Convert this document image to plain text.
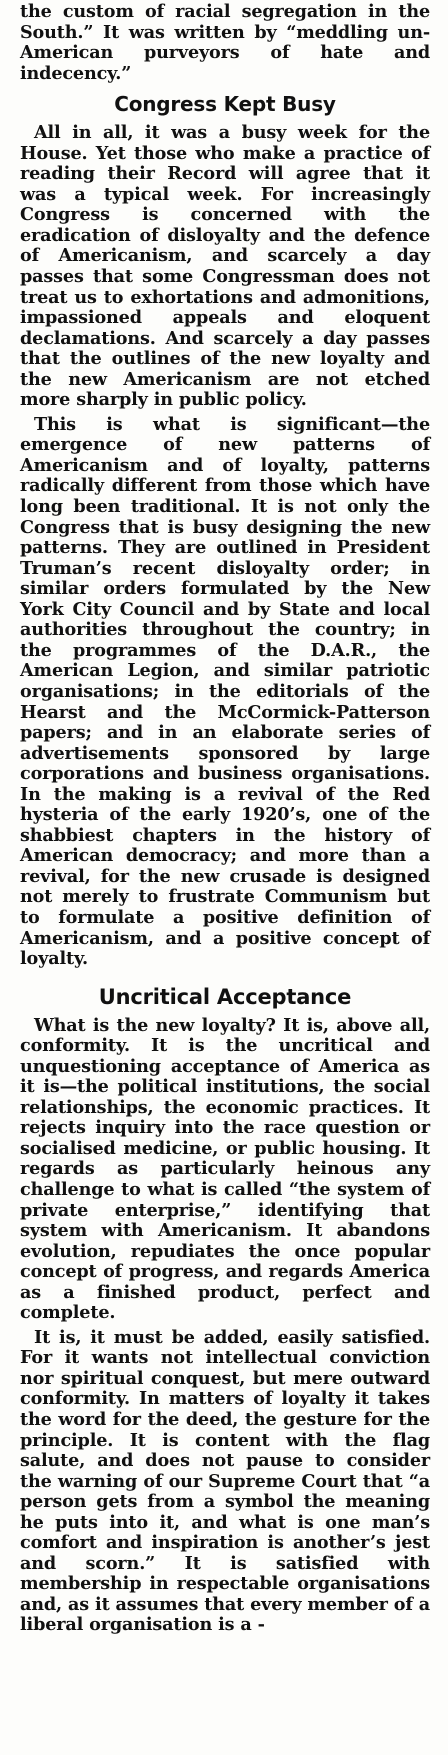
the custom of racial segregation in the South.” It was written by “meddling un-American purveyors of hate and indecency.”

Congress Kept Busy

All in all, it was a busy week for the House. Yet those who make a practice of reading their Record will agree that it was a typical week. For increasingly Congress is concerned with the eradication of disloyalty and the defence of Americanism, and scarcely a day passes that some Congressman does not treat us to exhortations and admonitions, impassioned appeals and eloquent declamations. And scarcely a day passes that the outlines of the new loyalty and the new Americanism are not etched more sharply in public policy.

This is what is significant—the emergence of new patterns of Americanism and of loyalty, patterns radically different from those which have long been traditional. It is not only the Congress that is busy designing the new patterns. They are outlined in President Truman’s recent disloyalty order; in similar orders formulated by the New York City Council and by State and local authorities throughout the country; in the programmes of the D.A.R., the American Legion, and similar patriotic organisations; in the editorials of the Hearst and the McCormick-Patterson papers; and in an elaborate series of advertisements sponsored by large corporations and business organisations. In the making is a revival of the Red hysteria of the early 1920’s, one of the shabbiest chapters in the history of American democracy; and more than a revival, for the new crusade is designed not merely to frustrate Communism but to formulate a positive definition of Americanism, and a positive concept of loyalty.

Uncritical Acceptance

What is the new loyalty? It is, above all, conformity. It is the uncritical and unquestioning acceptance of America as it is—the political institutions, the social relationships, the economic practices. It rejects inquiry into the race question or socialised medicine, or public housing. It regards as particularly heinous any challenge to what is called “the system of private enterprise,” identifying that system with Americanism. It abandons evolution, repudiates the once popular concept of progress, and regards America as a finished product, perfect and complete.

It is, it must be added, easily satisfied. For it wants not intellectual conviction nor spiritual conquest, but mere outward conformity. In matters of loyalty it takes the word for the deed, the gesture for the principle. It is content with the flag salute, and does not pause to consider the warning of our Supreme Court that “a person gets from a symbol the meaning he puts into it, and what is one man’s comfort and inspiration is another’s jest and scorn.” It is satisfied with membership in respectable organisations and, as it assumes that every member of a liberal organisation is a -
